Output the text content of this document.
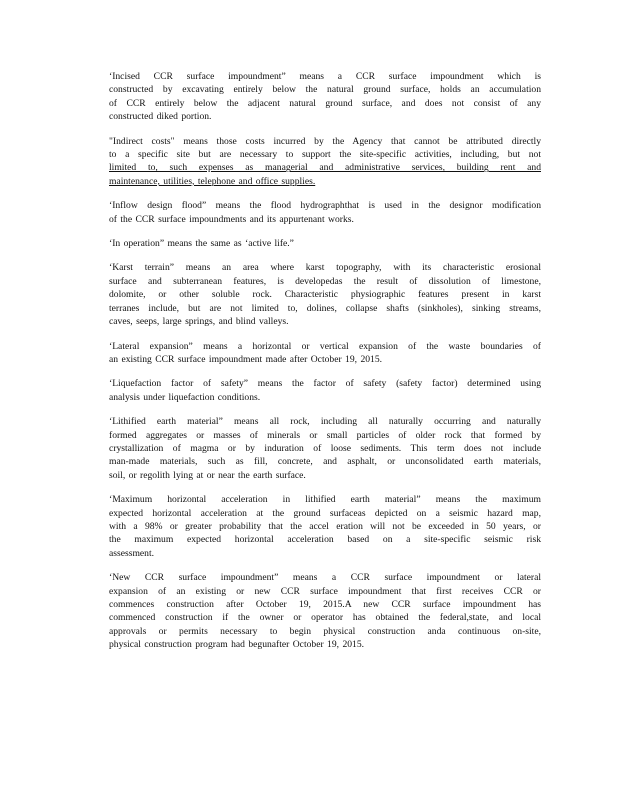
‘Incised CCR surface impoundment” means a CCR surface impoundment which is
constructed by excavating entirely below the natural ground surface, holds an accumulation
of CCR entirely below the adjacent natural ground surface, and does not consist of any
constructed diked portion.

"Indirect costs" means those costs incurred by the Agency that cannot be attributed directly
to a specific site but are necessary to support the site-specific activities, including, but not
limited to, such expenses as managerial and administrative services, building rent and
maintenance, utilities, telephone and office supplies.

‘Inflow design flood” means the flood hydrographthat is used in the designor modification
of the CCR surface impoundments and its appurtenant works.

‘In operation” means the same as ‘active life.”

‘Karst terrain” means an area where karst topography, with its characteristic erosional
surface and subterranean features, is developedas the result of dissolution of limestone,
dolomite, or other soluble rock. Characteristic physiographic features present in karst
terranes include, but are not limited to, dolines, collapse shafts (sinkholes), sinking streams,
caves, seeps, large springs, and blind valleys.

‘Lateral expansion” means a horizontal or vertical expansion of the waste boundaries of
an existing CCR surface impoundment made after October 19, 2015.

‘Liquefaction factor of safety” means the factor of safety (safety factor) determined using
analysis under liquefaction conditions.

‘Lithified earth material” means all rock, including all naturally occurring and naturally
formed aggregates or masses of minerals or small particles of older rock that formed by
crystallization of magma or by induration of loose sediments. This term does not include
man-made materials, such as fill, concrete, and asphalt, or unconsolidated earth materials,
soil, or regolith lying at or near the earth surface.

‘Maximum horizontal acceleration in lithified earth material” means the maximum
expected horizontal acceleration at the ground surfaceas depicted on a seismic hazard map,
with a 98% or greater probability that the accel eration will not be exceeded in 50 years, or
the maximum expected horizontal acceleration based on a site-specific seismic risk
assessment.

‘New CCR surface impoundment” means a CCR surface impoundment or lateral
expansion of an existing or new CCR surface impoundment that first receives CCR or
commences construction after October 19, 2015.A new CCR surface impoundment has
commenced construction if the owner or operator has obtained the federal,state, and local
approvals or permits necessary to begin physical construction anda continuous on-site,
physical construction program had begunafter October 19, 2015.
